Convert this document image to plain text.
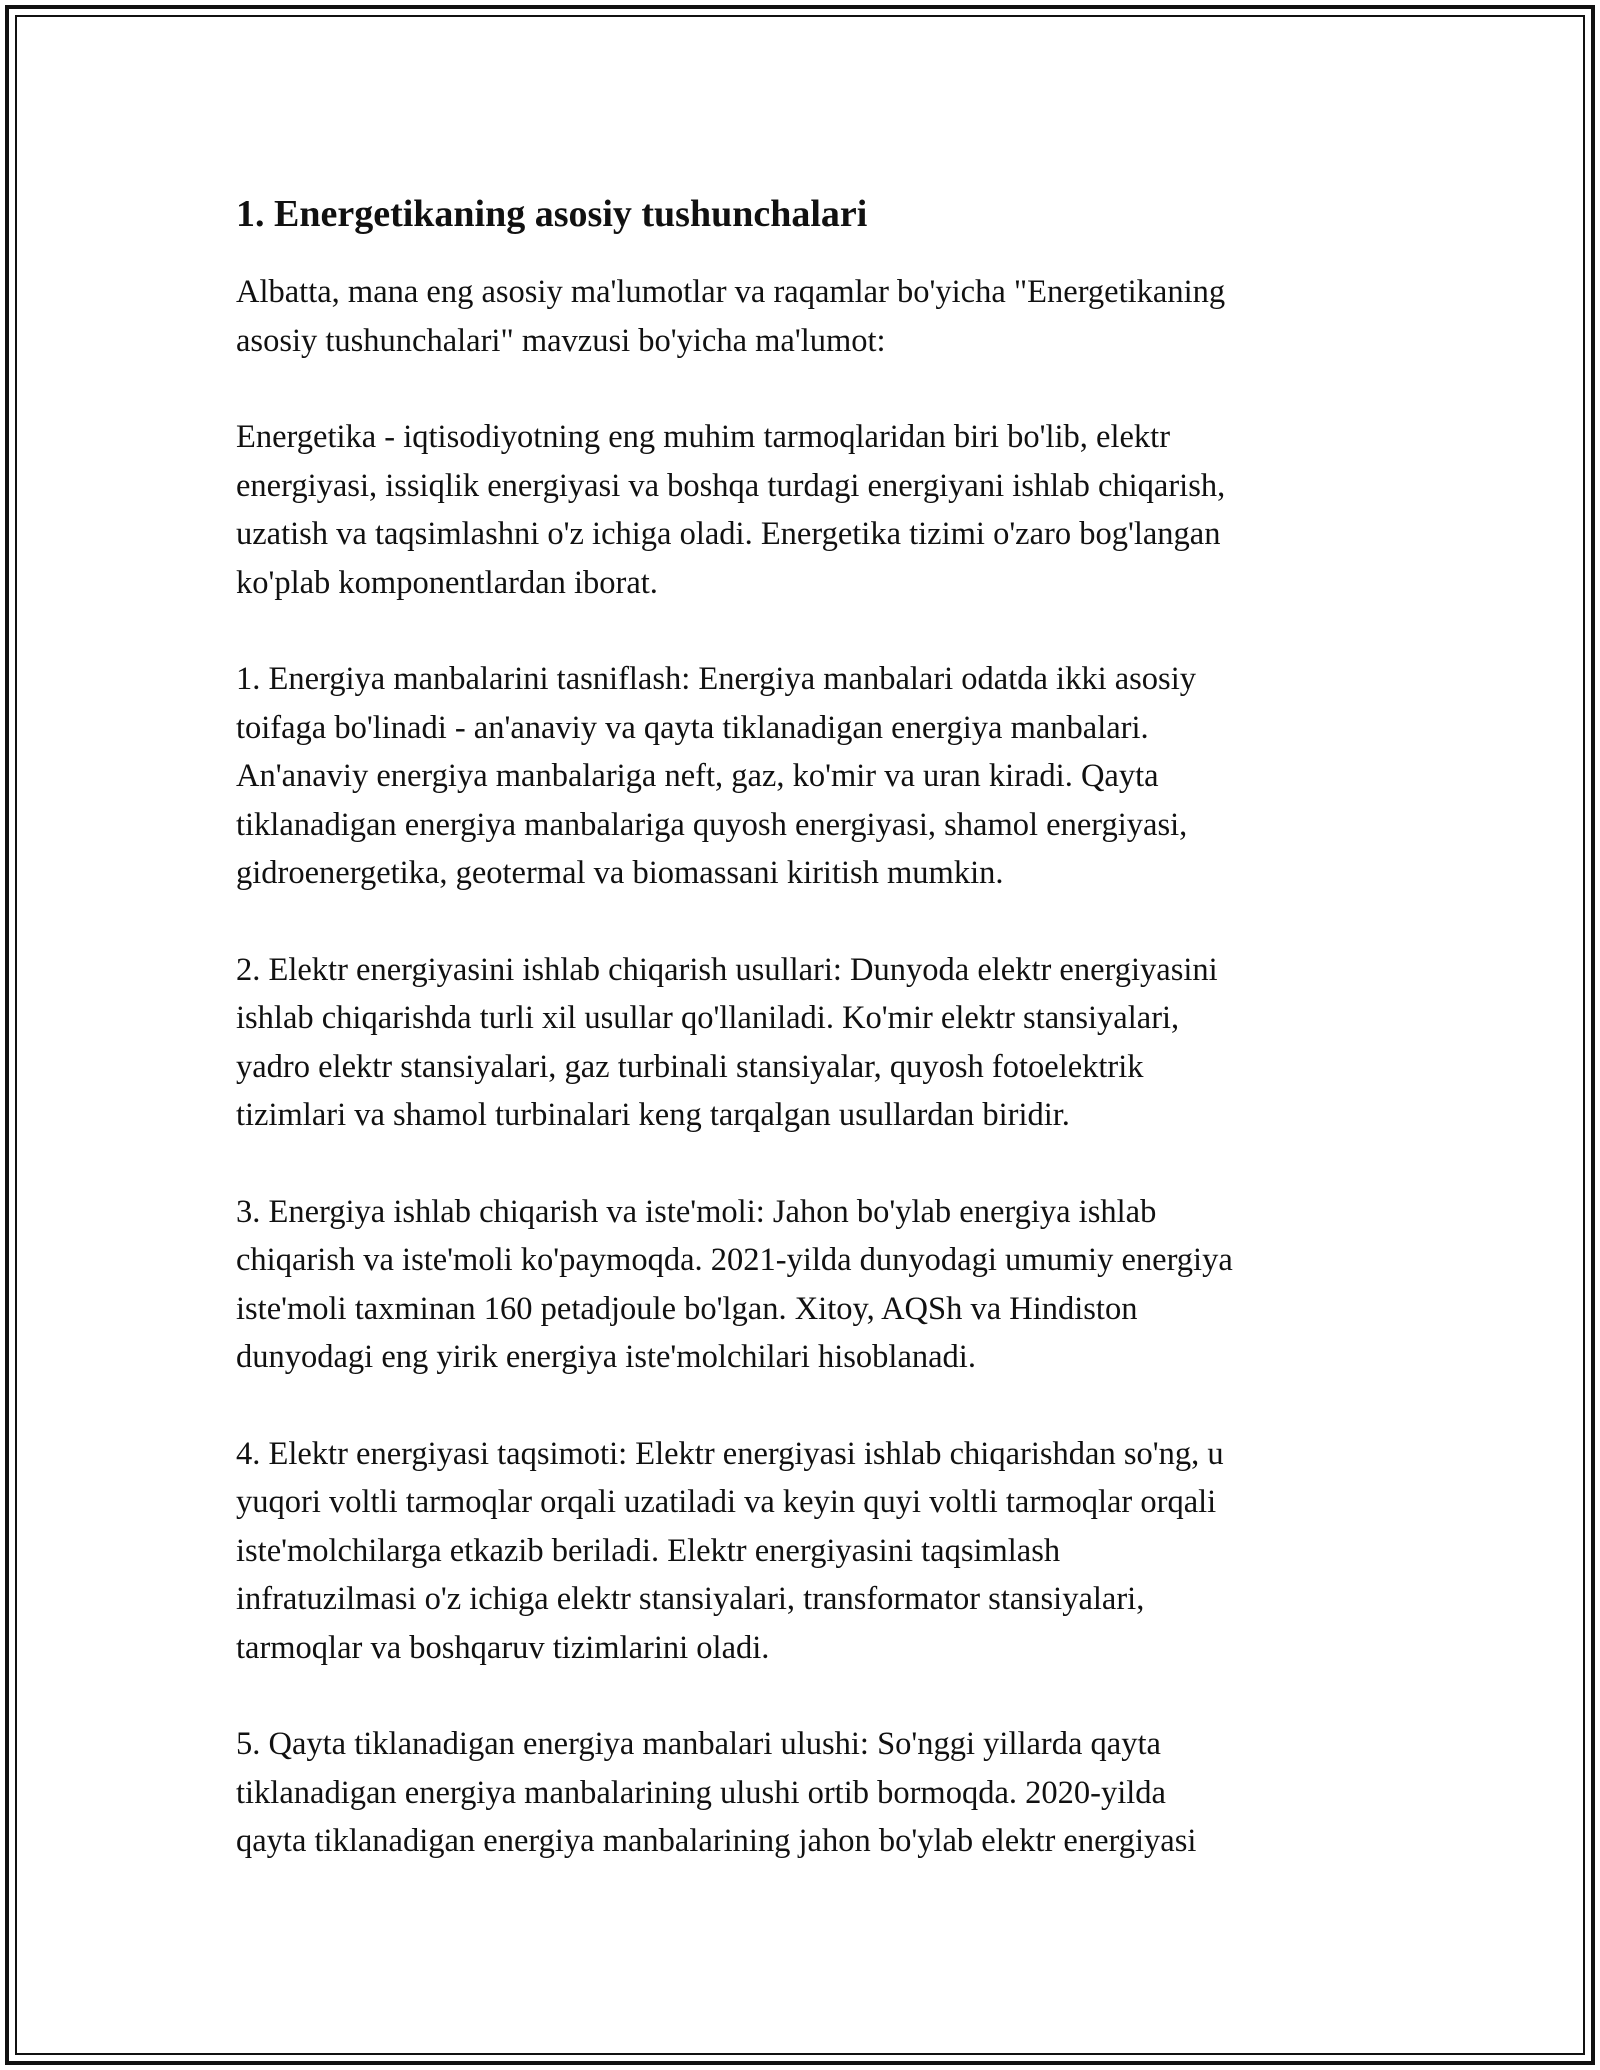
1. Energetikaning asosiy tushunchalari
Albatta, mana eng asosiy ma'lumotlar va raqamlar bo'yicha "Energetikaning
asosiy tushunchalari" mavzusi bo'yicha ma'lumot:
Energetika - iqtisodiyotning eng muhim tarmoqlaridan biri bo'lib, elektr
energiyasi, issiqlik energiyasi va boshqa turdagi energiyani ishlab chiqarish,
uzatish va taqsimlashni o'z ichiga oladi. Energetika tizimi o'zaro bog'langan
ko'plab komponentlardan iborat.
1. Energiya manbalarini tasniflash: Energiya manbalari odatda ikki asosiy
toifaga bo'linadi - an'anaviy va qayta tiklanadigan energiya manbalari.
An'anaviy energiya manbalariga neft, gaz, ko'mir va uran kiradi. Qayta
tiklanadigan energiya manbalariga quyosh energiyasi, shamol energiyasi,
gidroenergetika, geotermal va biomassani kiritish mumkin.
2. Elektr energiyasini ishlab chiqarish usullari: Dunyoda elektr energiyasini
ishlab chiqarishda turli xil usullar qo'llaniladi. Ko'mir elektr stansiyalari,
yadro elektr stansiyalari, gaz turbinali stansiyalar, quyosh fotoelektrik
tizimlari va shamol turbinalari keng tarqalgan usullardan biridir.
3. Energiya ishlab chiqarish va iste'moli: Jahon bo'ylab energiya ishlab
chiqarish va iste'moli ko'paymoqda. 2021-yilda dunyodagi umumiy energiya
iste'moli taxminan 160 petadjoule bo'lgan. Xitoy, AQSh va Hindiston
dunyodagi eng yirik energiya iste'molchilari hisoblanadi.
4. Elektr energiyasi taqsimoti: Elektr energiyasi ishlab chiqarishdan so'ng, u
yuqori voltli tarmoqlar orqali uzatiladi va keyin quyi voltli tarmoqlar orqali
iste'molchilarga etkazib beriladi. Elektr energiyasini taqsimlash
infratuzilmasi o'z ichiga elektr stansiyalari, transformator stansiyalari,
tarmoqlar va boshqaruv tizimlarini oladi.
5. Qayta tiklanadigan energiya manbalari ulushi: So'nggi yillarda qayta
tiklanadigan energiya manbalarining ulushi ortib bormoqda. 2020-yilda
qayta tiklanadigan energiya manbalarining jahon bo'ylab elektr energiyasi
